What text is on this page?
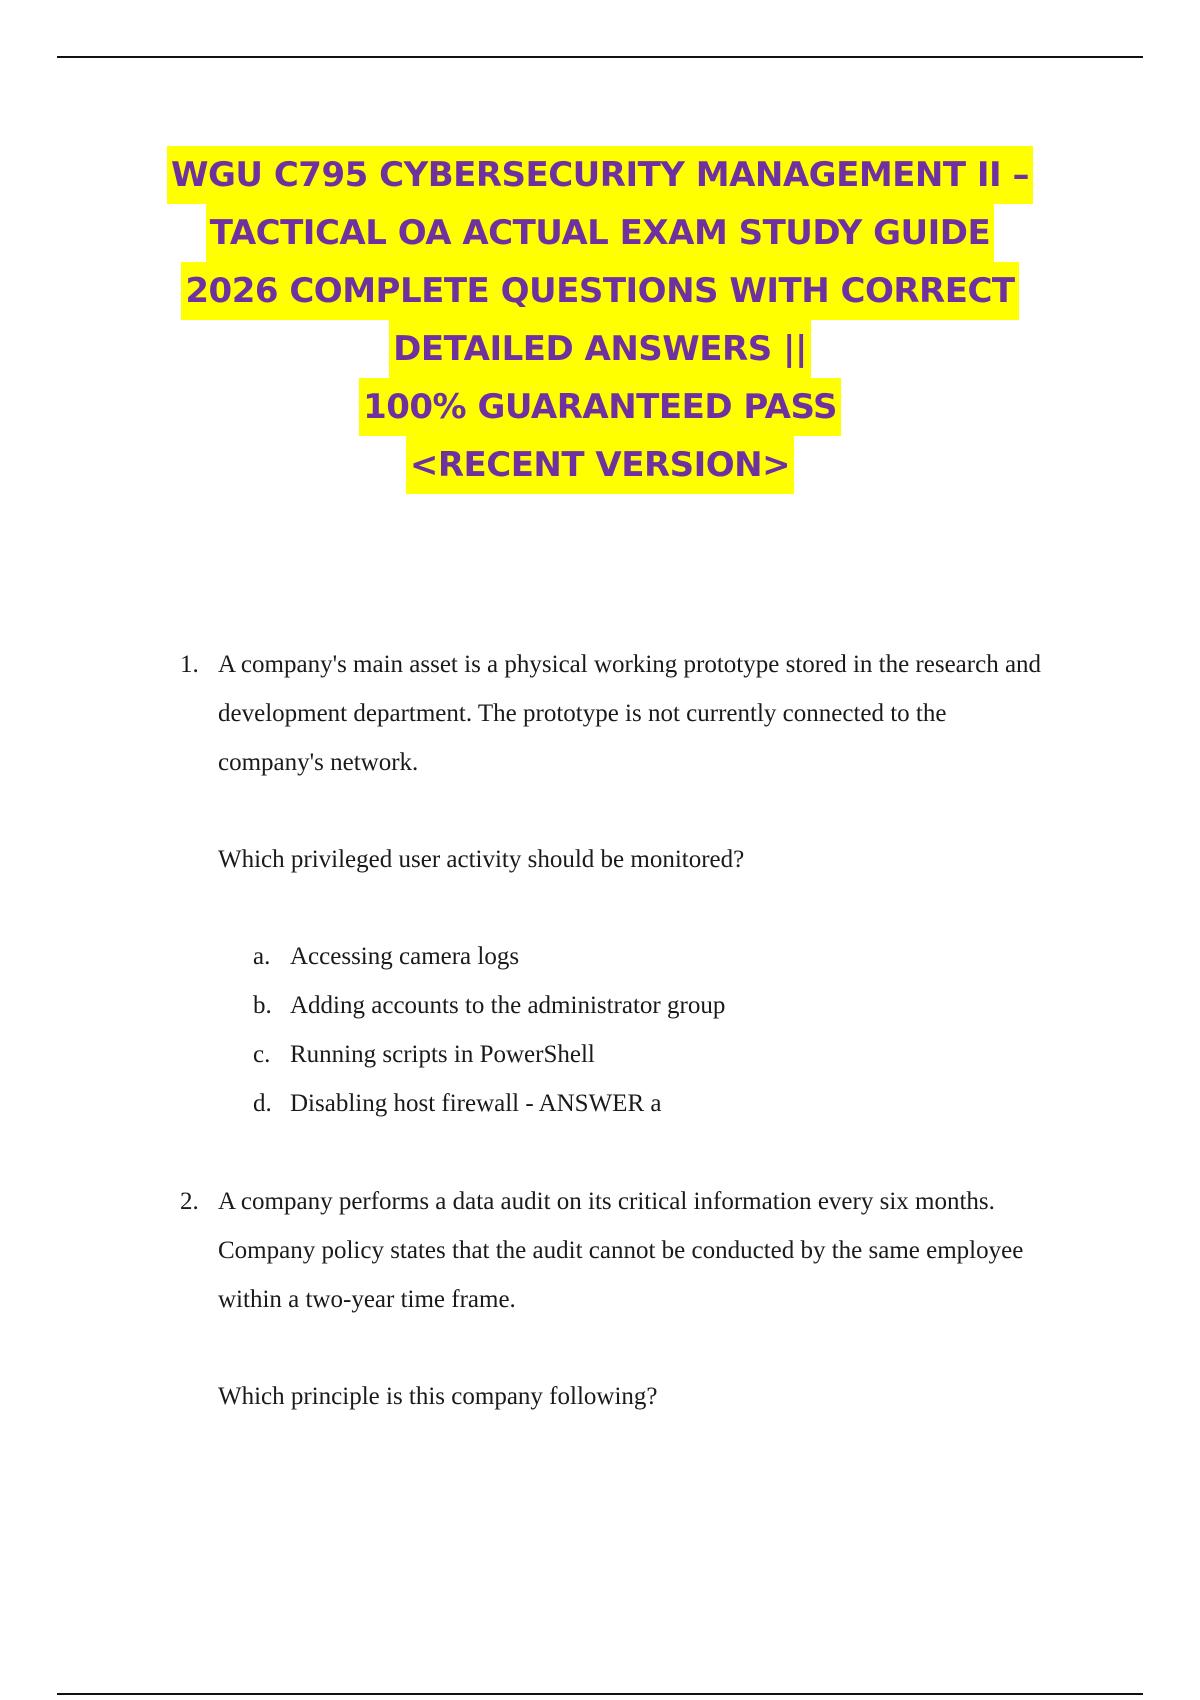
WGU C795 CYBERSECURITY MANAGEMENT II –
TACTICAL OA ACTUAL EXAM STUDY GUIDE
2026 COMPLETE QUESTIONS WITH CORRECT
DETAILED ANSWERS ||
100% GUARANTEED PASS
<RECENT VERSION>
1. A company's main asset is a physical working prototype stored in the research and development department. The prototype is not currently connected to the company's network.
Which privileged user activity should be monitored?
a. Accessing camera logs
b. Adding accounts to the administrator group
c. Running scripts in PowerShell
d. Disabling host firewall - ANSWER a
2. A company performs a data audit on its critical information every six months. Company policy states that the audit cannot be conducted by the same employee within a two-year time frame.
Which principle is this company following?
